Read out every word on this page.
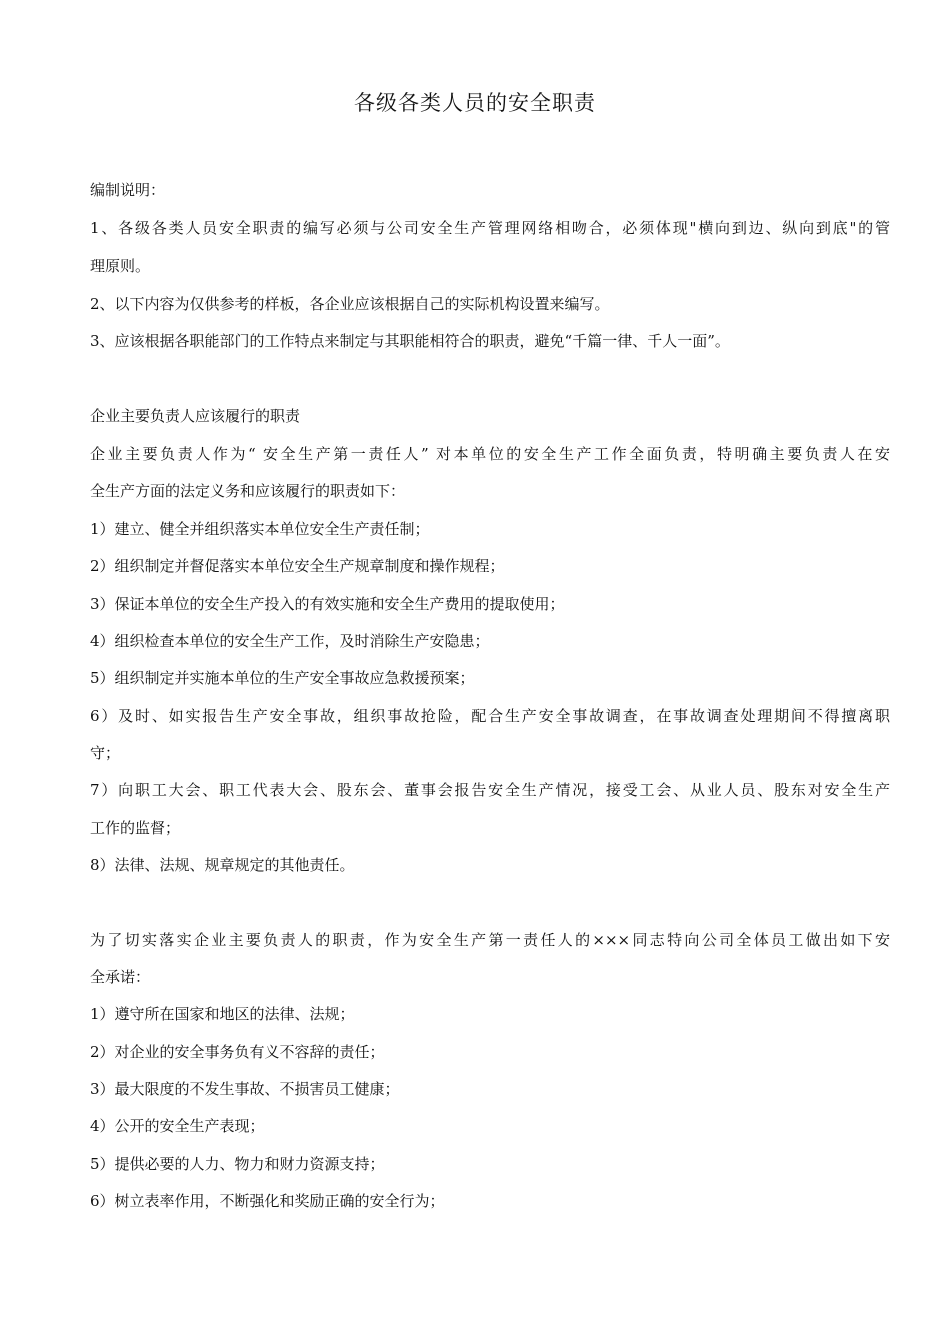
各级各类人员的安全职责
编制说明：
1、各级各类人员安全职责的编写必须与公司安全生产管理网络相吻合，必须体现"横向到边、纵向到底"的管
理原则。
2、以下内容为仅供参考的样板，各企业应该根据自己的实际机构设置来编写。
3、应该根据各职能部门的工作特点来制定与其职能相符合的职责，避免“千篇一律、千人一面”。
企业主要负责人应该履行的职责
企业主要负责人作为“ 安全生产第一责任人” 对本单位的安全生产工作全面负责，特明确主要负责人在安
全生产方面的法定义务和应该履行的职责如下：
1）建立、健全并组织落实本单位安全生产责任制；
2）组织制定并督促落实本单位安全生产规章制度和操作规程；
3）保证本单位的安全生产投入的有效实施和安全生产费用的提取使用；
4）组织检查本单位的安全生产工作，及时消除生产安隐患；
5）组织制定并实施本单位的生产安全事故应急救援预案；
6）及时、如实报告生产安全事故，组织事故抢险，配合生产安全事故调查，在事故调查处理期间不得擅离职
守；
7）向职工大会、职工代表大会、股东会、董事会报告安全生产情况，接受工会、从业人员、股东对安全生产
工作的监督；
8）法律、法规、规章规定的其他责任。
为了切实落实企业主要负责人的职责，作为安全生产第一责任人的×××同志特向公司全体员工做出如下安
全承诺：
1）遵守所在国家和地区的法律、法规；
2）对企业的安全事务负有义不容辞的责任；
3）最大限度的不发生事故、不损害员工健康；
4）公开的安全生产表现；
5）提供必要的人力、物力和财力资源支持；
6）树立表率作用，不断强化和奖励正确的安全行为；
